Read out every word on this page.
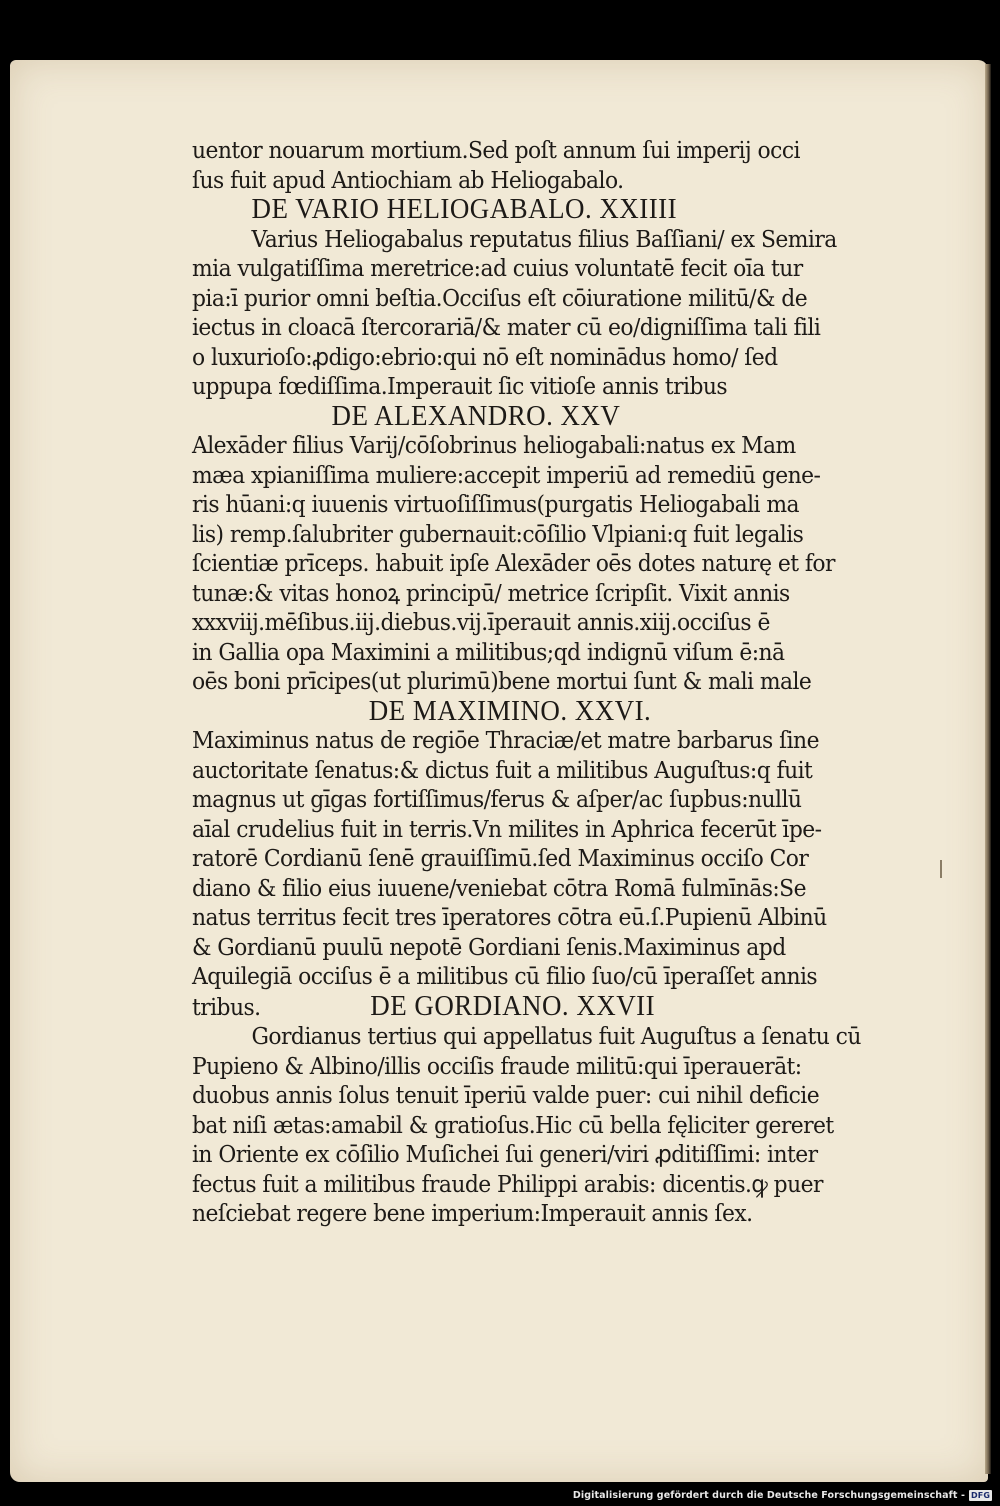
uentor nouarum mortium.Sed poſt annum ſui imperij occi
ſus fuit apud Antiochiam ab Heliogabalo.
DE VARIO HELIOGABALO. XXIIII
Varius Heliogabalus reputatus filius Baſſiani/ ex Semira
mia vulgatiſſima meretrice:ad cuius voluntatē fecit oīa tur
pia:ī purior omni beſtia.Occiſus eſt cōiuratione militū/& de
iectus in cloacā ſtercorariā/& mater cū eo/digniſſima tali fili
o luxurioſo:ꝓdigo:ebrio:qui nō eſt nominādus homo/ ſed
uppupa fœdiſſima.Imperauit ſic vitioſe annis tribus
DE ALEXANDRO. XXV
Alexāder filius Varij/cōſobrinus heliogabali:natus ex Mam
mæa xpianiſſima muliere:accepit imperiū ad remediū gene-
ris hūani:q iuuenis virtuoſiſſimus(purgatis Heliogabali ma
lis) remp.ſalubriter gubernauit:cōſilio Vlpiani:q fuit legalis
ſcientiæ prīceps. habuit ipſe Alexāder oēs dotes naturę et for
tunæ:& vitas honoꝝ principū/ metrice ſcripſit. Vixit annis
xxxviij.mēſibus.iij.diebus.vij.īperauit annis.xiij.occiſus ē
in Gallia opa Maximini a militibus;qd indignū viſum ē:nā
oēs boni prīcipes(ut plurimū)bene mortui ſunt & mali male
DE MAXIMINO. XXVI.
Maximinus natus de regiōe Thraciæ/et matre barbarus ſine
auctoritate ſenatus:& dictus fuit a militibus Auguſtus:q fuit
magnus ut gīgas fortiſſimus/ferus & aſper/ac ſupbus:nullū
aīal crudelius fuit in terris.Vn milites in Aphrica fecerūt īpe-
ratorē Cordianū ſenē grauiſſimū.ſed Maximinus occiſo Cor
diano & filio eius iuuene/veniebat cōtra Romā fulmīnās:Se
natus territus fecit tres īperatores cōtra eū.ſ.Pupienū Albinū
& Gordianū puulū nepotē Gordiani ſenis.Maximinus apd
Aquilegiā occiſus ē a militibus cū filio ſuo/cū īperaſſet annis
tribus.	DE GORDIANO. XXVII
Gordianus tertius qui appellatus fuit Auguſtus a ſenatu cū
Pupieno & Albino/illis occiſis fraude militū:qui īperauerāt:
duobus annis ſolus tenuit īperiū valde puer: cui nihil deficie
bat niſi ætas:amabil & gratioſus.Hic cū bella fęliciter gereret
in Oriente ex cōſilio Muſichei ſui generi/viri ꝓditiſſimi: inter
fectus fuit a militibus fraude Philippi arabis: dicentis.ꝙ puer
neſciebat regere bene imperium:Imperauit annis ſex.
Digitalisierung gefördert durch die Deutsche Forschungsgemeinschaft - DFG
